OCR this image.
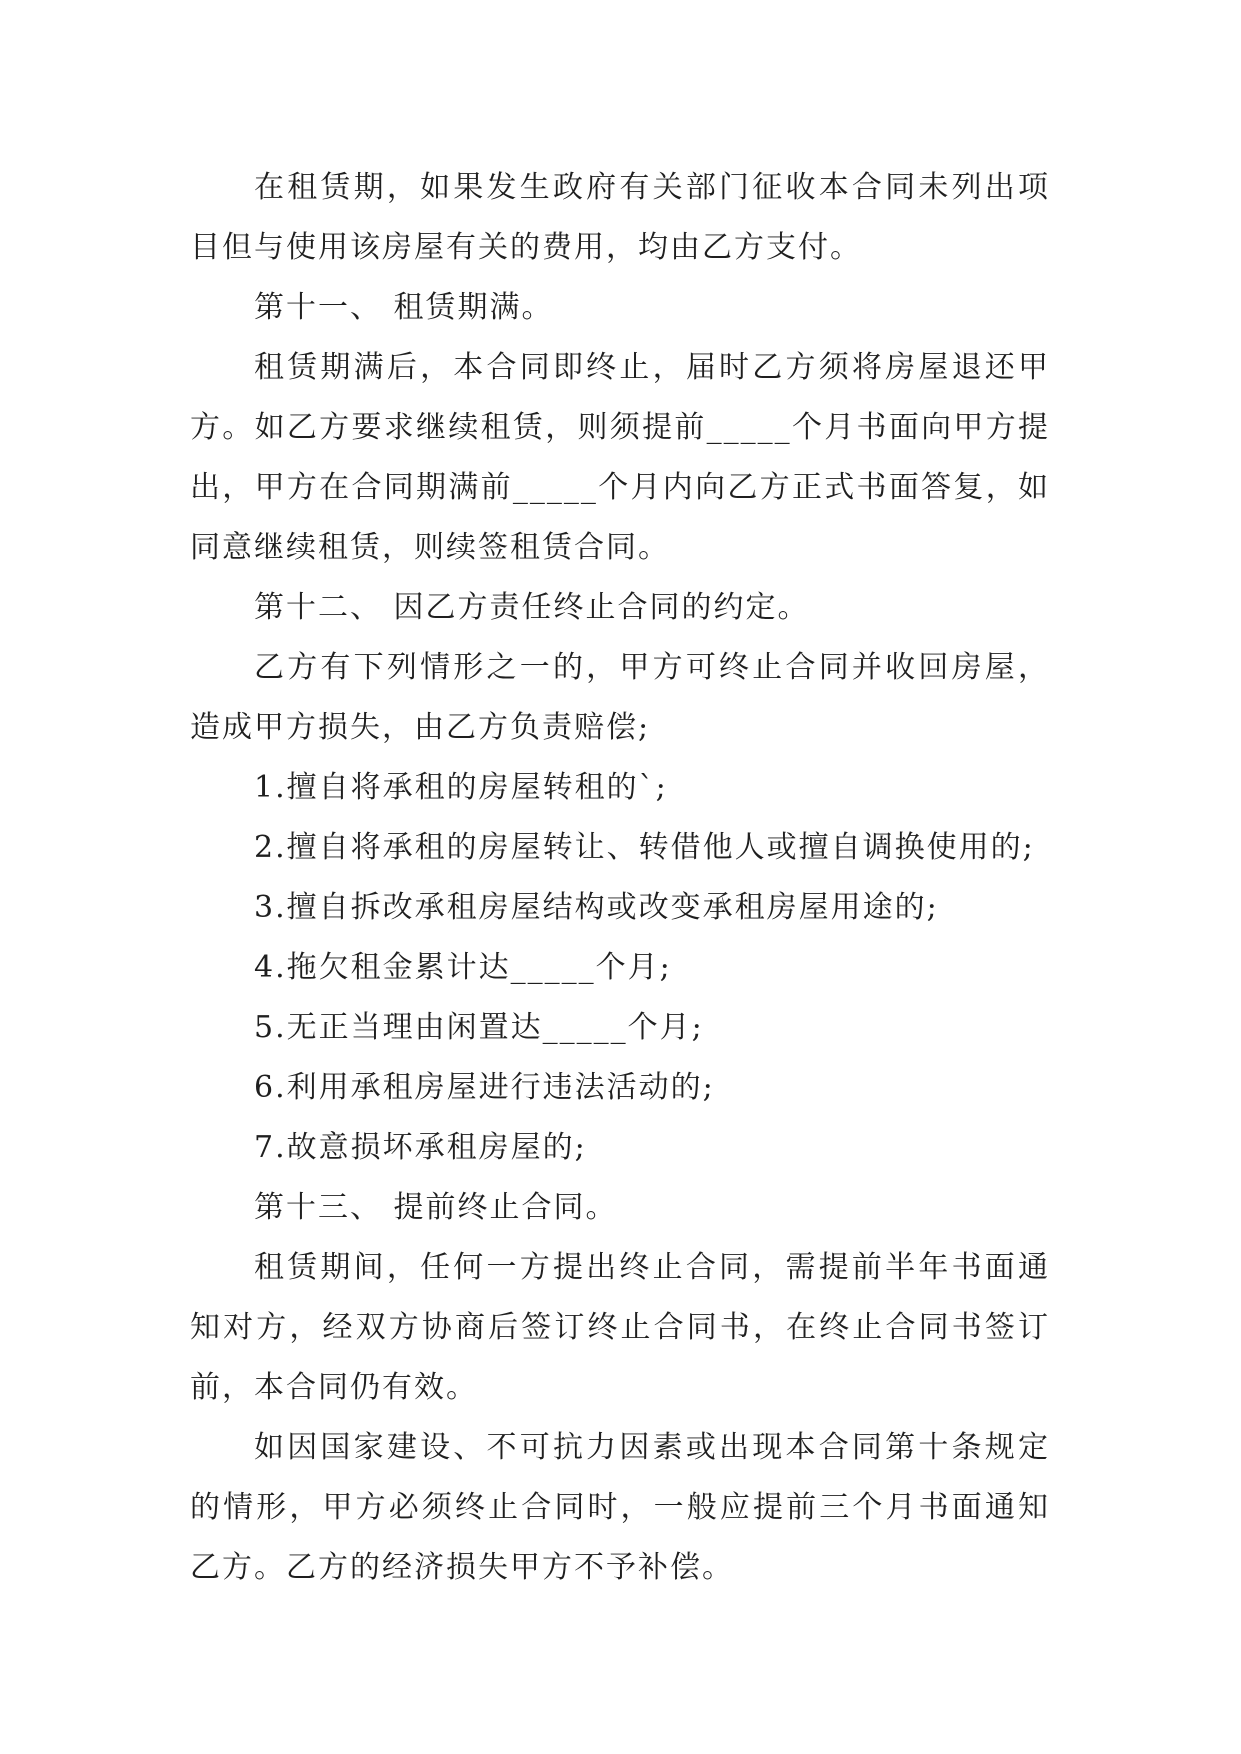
在租赁期，如果发生政府有关部门征收本合同未列出项目但与使用该房屋有关的费用，均由乙方支付。

第十一、 租赁期满。

租赁期满后，本合同即终止，届时乙方须将房屋退还甲方。如乙方要求继续租赁，则须提前_____个月书面向甲方提出，甲方在合同期满前_____个月内向乙方正式书面答复，如同意继续租赁，则续签租赁合同。

第十二、 因乙方责任终止合同的约定。

乙方有下列情形之一的，甲方可终止合同并收回房屋，造成甲方损失，由乙方负责赔偿;

1.擅自将承租的房屋转租的`;

2.擅自将承租的房屋转让、转借他人或擅自调换使用的;

3.擅自拆改承租房屋结构或改变承租房屋用途的;

4.拖欠租金累计达_____个月;

5.无正当理由闲置达_____个月;

6.利用承租房屋进行违法活动的;

7.故意损坏承租房屋的;

第十三、 提前终止合同。

租赁期间，任何一方提出终止合同，需提前半年书面通知对方，经双方协商后签订终止合同书，在终止合同书签订前，本合同仍有效。

如因国家建设、不可抗力因素或出现本合同第十条规定的情形，甲方必须终止合同时，一般应提前三个月书面通知乙方。乙方的经济损失甲方不予补偿。
